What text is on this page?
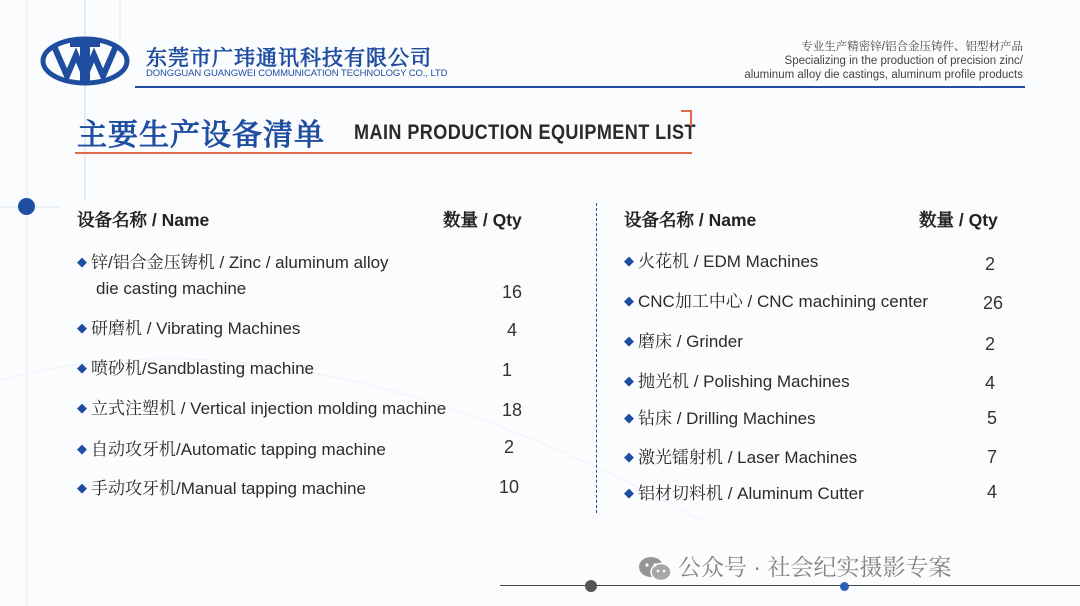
东莞市广玮通讯科技有限公司
DONGGUAN GUANGWEI COMMUNICATION TECHNOLOGY CO., LTD
专业生产精密锌/铝合金压铸件、铝型材产品
Specializing in the production of precision zinc/
aluminum alloy die castings, aluminum profile products
主要生产设备清单 MAIN PRODUCTION EQUIPMENT LIST
设备名称 / Name	数量 / Qty
◆ 锌/铝合金压铸机 / Zinc / aluminum alloy
die casting machine	16
◆ 研磨机 / Vibrating Machines	4
◆ 喷砂机/Sandblasting machine	1
◆ 立式注塑机 / Vertical injection molding machine	18
◆ 自动攻牙机/Automatic tapping machine	2
◆ 手动攻牙机/Manual tapping machine	10
设备名称 / Name	数量 / Qty
◆ 火花机 / EDM Machines	2
◆ CNC加工中心 / CNC machining center	26
◆ 磨床 / Grinder	2
◆ 抛光机 / Polishing Machines	4
◆ 钻床 / Drilling Machines	5
◆ 激光镭射机 / Laser Machines	7
◆ 铝材切料机 / Aluminum Cutter	4
公众号 · 社会纪实摄影专案
